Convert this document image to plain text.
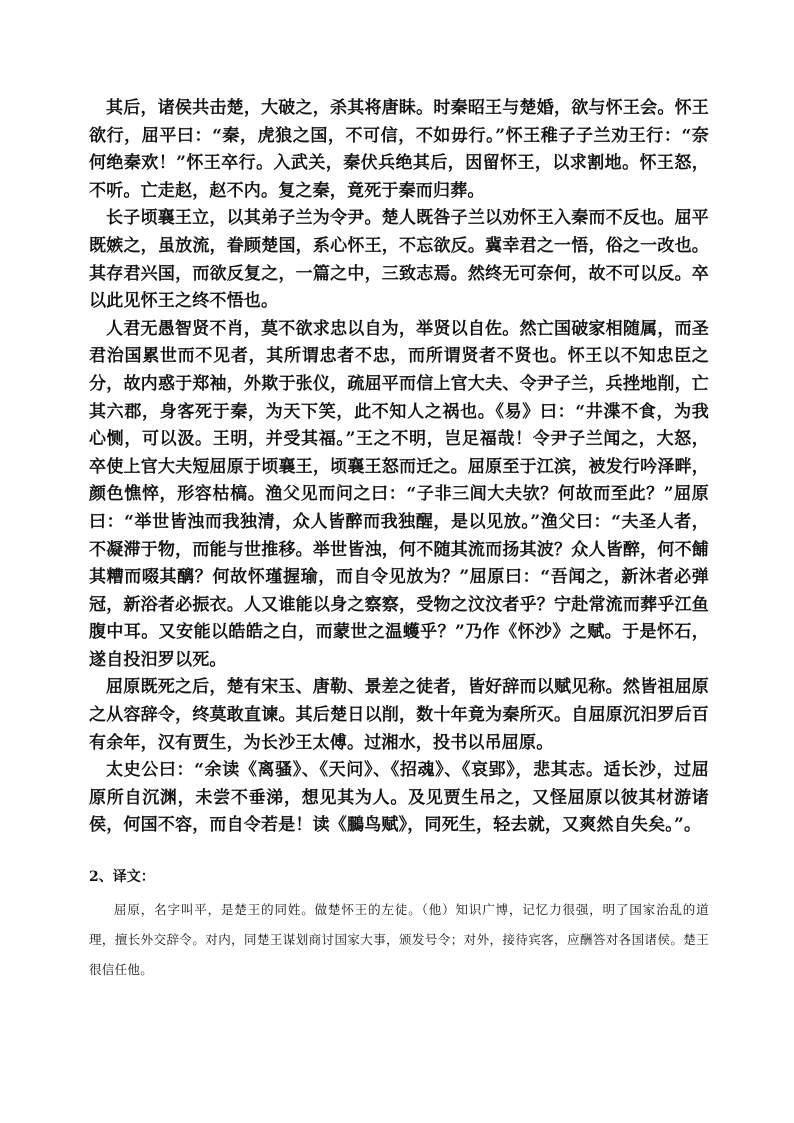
其后，诸侯共击楚，大破之，杀其将唐眛。时秦昭王与楚婚，欲与怀王会。怀王欲行，屈平曰：“秦，虎狼之国，不可信，不如毋行。”怀王稚子子兰劝王行：“奈何绝秦欢！”怀王卒行。入武关，秦伏兵绝其后，因留怀王，以求割地。怀王怒，不听。亡走赵，赵不内。复之秦，竟死于秦而归葬。

长子顷襄王立，以其弟子兰为令尹。楚人既咎子兰以劝怀王入秦而不反也。屈平既嫉之，虽放流，眷顾楚国，系心怀王，不忘欲反。冀幸君之一悟，俗之一改也。其存君兴国，而欲反复之，一篇之中，三致志焉。然终无可奈何，故不可以反。卒以此见怀王之终不悟也。

人君无愚智贤不肖，莫不欲求忠以自为，举贤以自佐。然亡国破家相随属，而圣君治国累世而不见者，其所谓忠者不忠，而所谓贤者不贤也。怀王以不知忠臣之分，故内惑于郑袖，外欺于张仪，疏屈平而信上官大夫、令尹子兰，兵挫地削，亡其六郡，身客死于秦，为天下笑，此不知人之祸也。《易》曰：“井渫不食，为我心恻，可以汲。王明，并受其福。”王之不明，岂足福哉！令尹子兰闻之，大怒，卒使上官大夫短屈原于顷襄王，顷襄王怒而迁之。屈原至于江滨，被发行吟泽畔，颜色憔悴，形容枯槁。渔父见而问之曰：“子非三闾大夫欤？何故而至此？”屈原曰：“举世皆浊而我独清，众人皆醉而我独醒，是以见放。”渔父曰：“夫圣人者，不凝滞于物，而能与世推移。举世皆浊，何不随其流而扬其波？众人皆醉，何不餔其糟而啜其醨？何故怀瑾握瑜，而自令见放为？”屈原曰：“吾闻之，新沐者必弹冠，新浴者必振衣。人又谁能以身之察察，受物之汶汶者乎？宁赴常流而葬乎江鱼腹中耳。又安能以皓皓之白，而蒙世之温蠖乎？”乃作《怀沙》之赋。于是怀石，遂自投汨罗以死。

屈原既死之后，楚有宋玉、唐勒、景差之徒者，皆好辞而以赋见称。然皆祖屈原之从容辞令，终莫敢直谏。其后楚日以削，数十年竟为秦所灭。自屈原沉汨罗后百有余年，汉有贾生，为长沙王太傅。过湘水，投书以吊屈原。

太史公曰：“余读《离骚》、《天问》、《招魂》、《哀郢》，悲其志。适长沙，过屈原所自沉渊，未尝不垂涕，想见其为人。及见贾生吊之，又怪屈原以彼其材游诸侯，何国不容，而自令若是！读《鵩鸟赋》，同死生，轻去就，又爽然自失矣。”。

2、译文：

屈原，名字叫平，是楚王的同姓。做楚怀王的左徒。（他）知识广博，记忆力很强，明了国家治乱的道理，擅长外交辞令。对内，同楚王谋划商讨国家大事，颁发号令；对外，接待宾客，应酬答对各国诸侯。楚王很信任他。
